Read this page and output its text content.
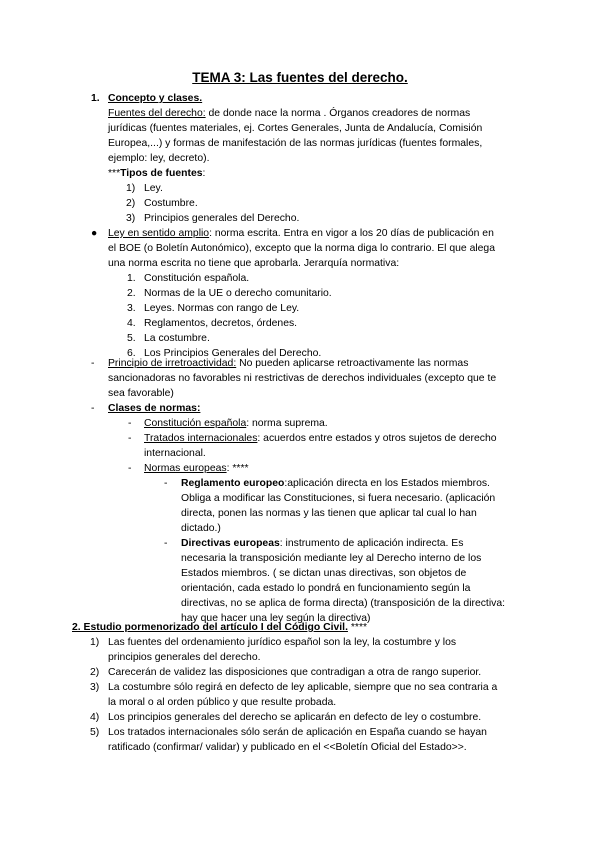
TEMA 3: Las fuentes del derecho.
1. Concepto y clases.
Fuentes del derecho: de donde nace la norma . Órganos creadores de normas
jurídicas (fuentes materiales, ej. Cortes Generales, Junta de Andalucía, Comisión
Europea,...) y formas de manifestación de las normas jurídicas (fuentes formales,
ejemplo: ley, decreto).
***Tipos de fuentes:
1) Ley.
2) Costumbre.
3) Principios generales del Derecho.
● Ley en sentido amplio: norma escrita. Entra en vigor a los 20 días de publicación en
el BOE (o Boletín Autonómico), excepto que la norma diga lo contrario. El que alega
una norma escrita no tiene que aprobarla. Jerarquía normativa:
1. Constitución española.
2. Normas de la UE o derecho comunitario.
3. Leyes. Normas con rango de Ley.
4. Reglamentos, decretos, órdenes.
5. La costumbre.
6. Los Principios Generales del Derecho.
- Principio de irretroactividad: No pueden aplicarse retroactivamente las normas
sancionadoras no favorables ni restrictivas de derechos individuales (excepto que te
sea favorable)
- Clases de normas:
- Constitución española: norma suprema.
- Tratados internacionales: acuerdos entre estados y otros sujetos de derecho
internacional.
- Normas europeas: ****
- Reglamento europeo:aplicación directa en los Estados miembros.
Obliga a modificar las Constituciones, si fuera necesario. (aplicación
directa, ponen las normas y las tienen que aplicar tal cual lo han
dictado.)
- Directivas europeas: instrumento de aplicación indirecta. Es
necesaria la transposición mediante ley al Derecho interno de los
Estados miembros. ( se dictan unas directivas, son objetos de
orientación, cada estado lo pondrá en funcionamiento según la
directivas, no se aplica de forma directa) (transposición de la directiva:
hay que hacer una ley según la directiva)
2. Estudio pormenorizado del artículo I del Código Civil. ****
1) Las fuentes del ordenamiento jurídico español son la ley, la costumbre y los
principios generales del derecho.
2) Carecerán de validez las disposiciones que contradigan a otra de rango superior.
3) La costumbre sólo regirá en defecto de ley aplicable, siempre que no sea contraria a
la moral o al orden público y que resulte probada.
4) Los principios generales del derecho se aplicarán en defecto de ley o costumbre.
5) Los tratados internacionales sólo serán de aplicación en España cuando se hayan
ratificado (confirmar/ validar) y publicado en el <<Boletín Oficial del Estado>>.
